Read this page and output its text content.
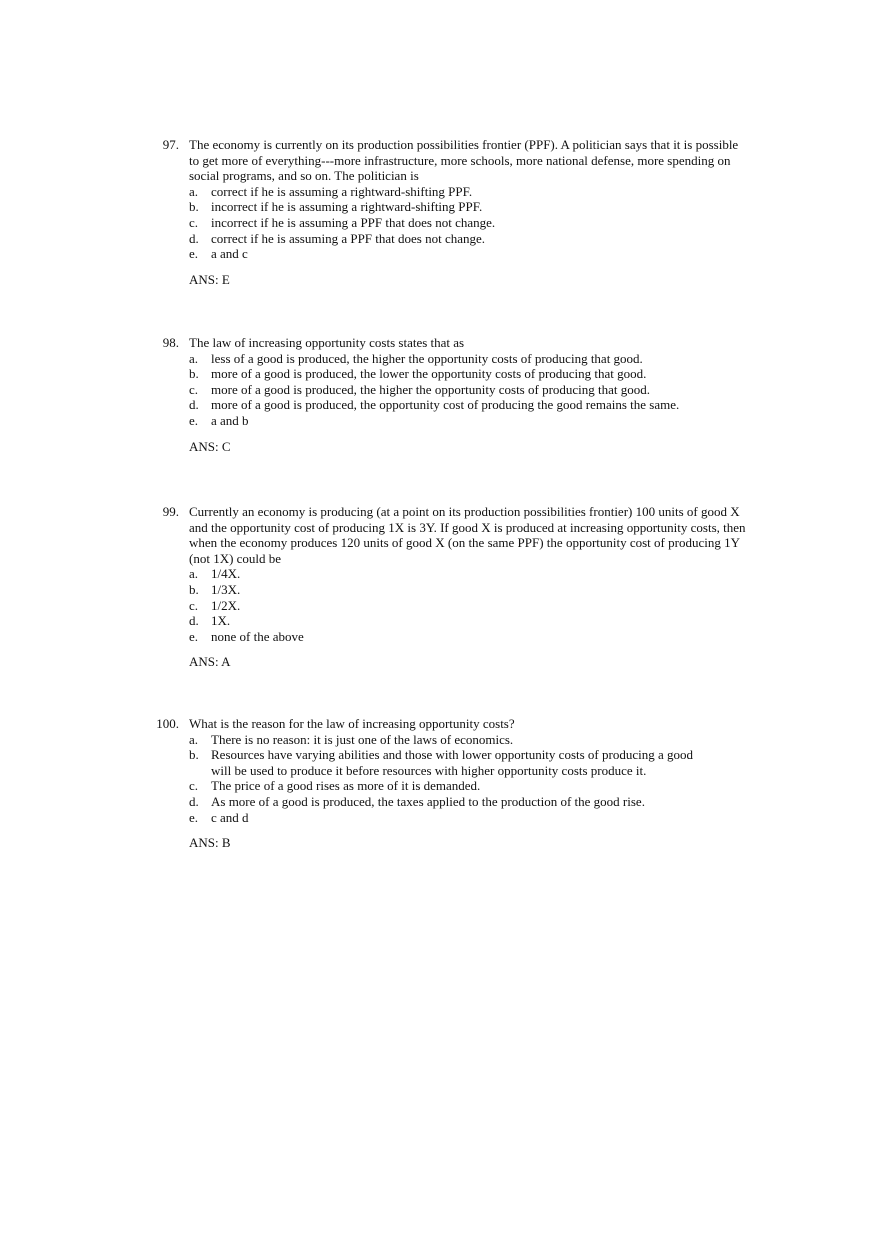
97. The economy is currently on its production possibilities frontier (PPF). A politician says that it is possible to get more of everything---more infrastructure, more schools, more national defense, more spending on social programs, and so on. The politician is
a. correct if he is assuming a rightward-shifting PPF.
b. incorrect if he is assuming a rightward-shifting PPF.
c. incorrect if he is assuming a PPF that does not change.
d. correct if he is assuming a PPF that does not change.
e. a and c
ANS: E
98. The law of increasing opportunity costs states that as
a. less of a good is produced, the higher the opportunity costs of producing that good.
b. more of a good is produced, the lower the opportunity costs of producing that good.
c. more of a good is produced, the higher the opportunity costs of producing that good.
d. more of a good is produced, the opportunity cost of producing the good remains the same.
e. a and b
ANS: C
99. Currently an economy is producing (at a point on its production possibilities frontier) 100 units of good X and the opportunity cost of producing 1X is 3Y. If good X is produced at increasing opportunity costs, then when the economy produces 120 units of good X (on the same PPF) the opportunity cost of producing 1Y (not 1X) could be
a. 1/4X.
b. 1/3X.
c. 1/2X.
d. 1X.
e. none of the above
ANS: A
100. What is the reason for the law of increasing opportunity costs?
a. There is no reason: it is just one of the laws of economics.
b. Resources have varying abilities and those with lower opportunity costs of producing a good will be used to produce it before resources with higher opportunity costs produce it.
c. The price of a good rises as more of it is demanded.
d. As more of a good is produced, the taxes applied to the production of the good rise.
e. c and d
ANS: B
